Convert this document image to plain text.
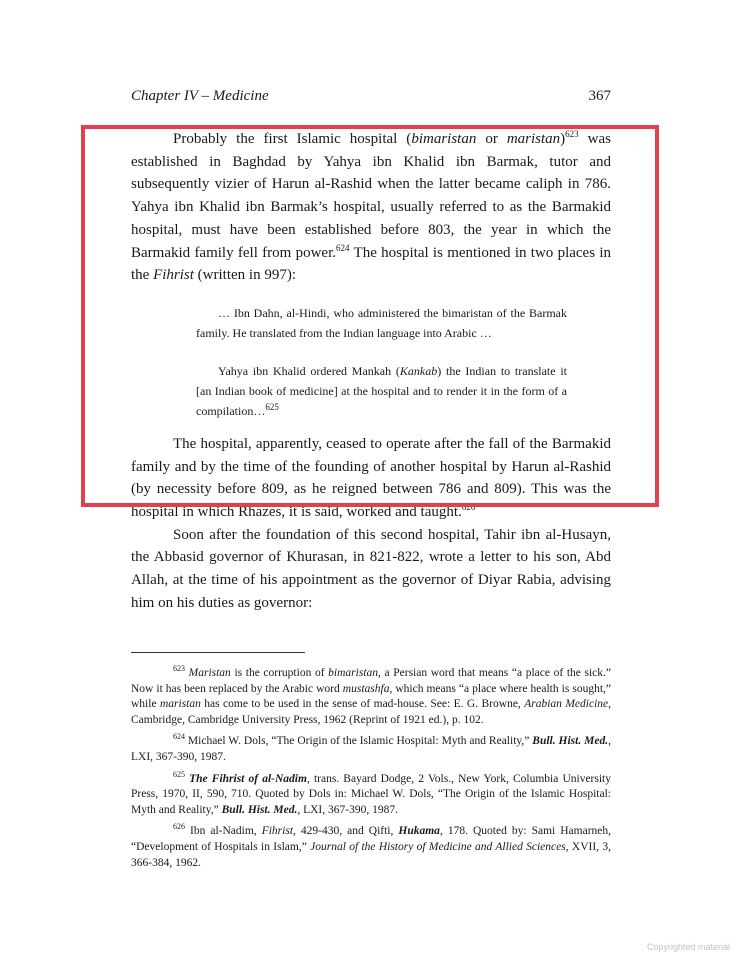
Chapter IV – Medicine	367

Probably the first Islamic hospital (bimaristan or maristan)$^{623}$ was established in Baghdad by Yahya ibn Khalid ibn Barmak, tutor and subsequently vizier of Harun al-Rashid when the latter became caliph in 786. Yahya ibn Khalid ibn Barmak’s hospital, usually referred to as the Barmakid hospital, must have been established before 803, the year in which the Barmakid family fell from power.$^{624}$ The hospital is mentioned in two places in the Fihrist (written in 997):

… Ibn Dahn, al-Hindi, who administered the bimaristan of the Barmak family. He translated from the Indian language into Arabic …

Yahya ibn Khalid ordered Mankah (Kankab) the Indian to translate it [an Indian book of medicine] at the hospital and to render it in the form of a compilation…$^{625}$

The hospital, apparently, ceased to operate after the fall of the Barmakid family and by the time of the founding of another hospital by Harun al-Rashid (by necessity before 809, as he reigned between 786 and 809). This was the hospital in which Rhazes, it is said, worked and taught.$^{626}$

Soon after the foundation of this second hospital, Tahir ibn al-Husayn, the Abbasid governor of Khurasan, in 821-822, wrote a letter to his son, Abd Allah, at the time of his appointment as the governor of Diyar Rabia, advising him on his duties as governor:

$^{623}$ Maristan is the corruption of bimaristan, a Persian word that means “a place of the sick.” Now it has been replaced by the Arabic word mustashfa, which means “a place where health is sought,” while maristan has come to be used in the sense of mad-house. See: E. G. Browne, Arabian Medicine, Cambridge, Cambridge University Press, 1962 (Reprint of 1921 ed.), p. 102.

$^{624}$ Michael W. Dols, “The Origin of the Islamic Hospital: Myth and Reality,” Bull. Hist. Med., LXI, 367-390, 1987.

$^{625}$ The Fihrist of al-Nadim, trans. Bayard Dodge, 2 Vols., New York, Columbia University Press, 1970, II, 590, 710. Quoted by Dols in: Michael W. Dols, “The Origin of the Islamic Hospital: Myth and Reality,” Bull. Hist. Med., LXI, 367-390, 1987.

$^{626}$ Ibn al-Nadim, Fihrist, 429-430, and Qifti, Hukama, 178. Quoted by: Sami Hamarneh, “Development of Hospitals in Islam,” Journal of the History of Medicine and Allied Sciences, XVII, 3, 366-384, 1962.

Copyrighted material
